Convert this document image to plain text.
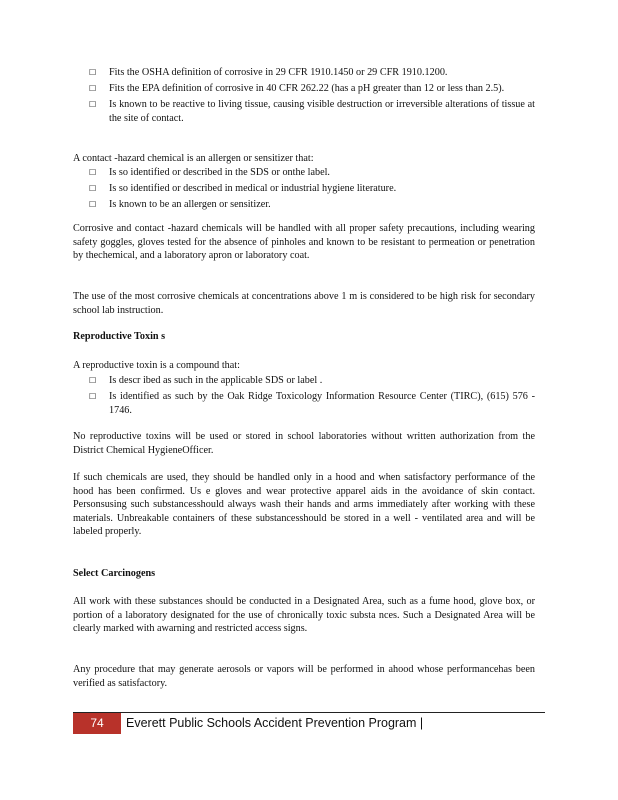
☐ Fits the OSHA definition of corrosive in 29 CFR 1910.1450 or 29 CFR 1910.1200.
☐ Fits the EPA definition of corrosive in 40 CFR 262.22 (has a pH greater than 12 or less than 2.5).
☐ Is known to be reactive to living tissue, causing visible destruction or irreversible alterations of tissue at the site of contact.
A contact -hazard chemical is an allergen or sensitizer that:
☐ Is so identified or described in the SDS or onthe label.
☐ Is so identified or described in medical or industrial hygiene literature.
☐ Is known to be an allergen or sensitizer.
Corrosive and contact -hazard chemicals will be handled with all proper safety precautions, including wearing safety goggles, gloves tested for the absence of pinholes and known to be resistant to permeation or penetration by thechemical, and a laboratory apron or laboratory coat.
The use of the most corrosive chemicals at concentrations above 1 m is considered to be high risk for secondary school lab instruction.
Reproductive Toxin s
A reproductive toxin is a compound that:
☐ Is descr ibed as such in the applicable SDS or label .
☐ Is identified as such by the Oak Ridge Toxicology Information Resource Center (TIRC), (615) 576 - 1746.
No reproductive toxins will be used or stored in school laboratories without written authorization from the District Chemical HygieneOfficer.
If such chemicals are used, they should be handled only in a hood and when satisfactory performance of the hood has been confirmed. Us e gloves and wear protective apparel aids in the avoidance of skin contact. Personsusing such substancesshould always wash their hands and arms immediately after working with these materials. Unbreakable containers of these substancesshould be stored in a well - ventilated area and will be labeled properly.
Select Carcinogens
All work with these substances should be conducted in a Designated Area, such as a fume hood, glove box, or portion of a laboratory designated for the use of chronically toxic substa nces. Such a Designated Area will be clearly marked with awarning and restricted access signs.
Any procedure that may generate aerosols or vapors will be performed in ahood whose performancehas been verified as satisfactory.
74	Everett Public Schools Accident Prevention Program |
